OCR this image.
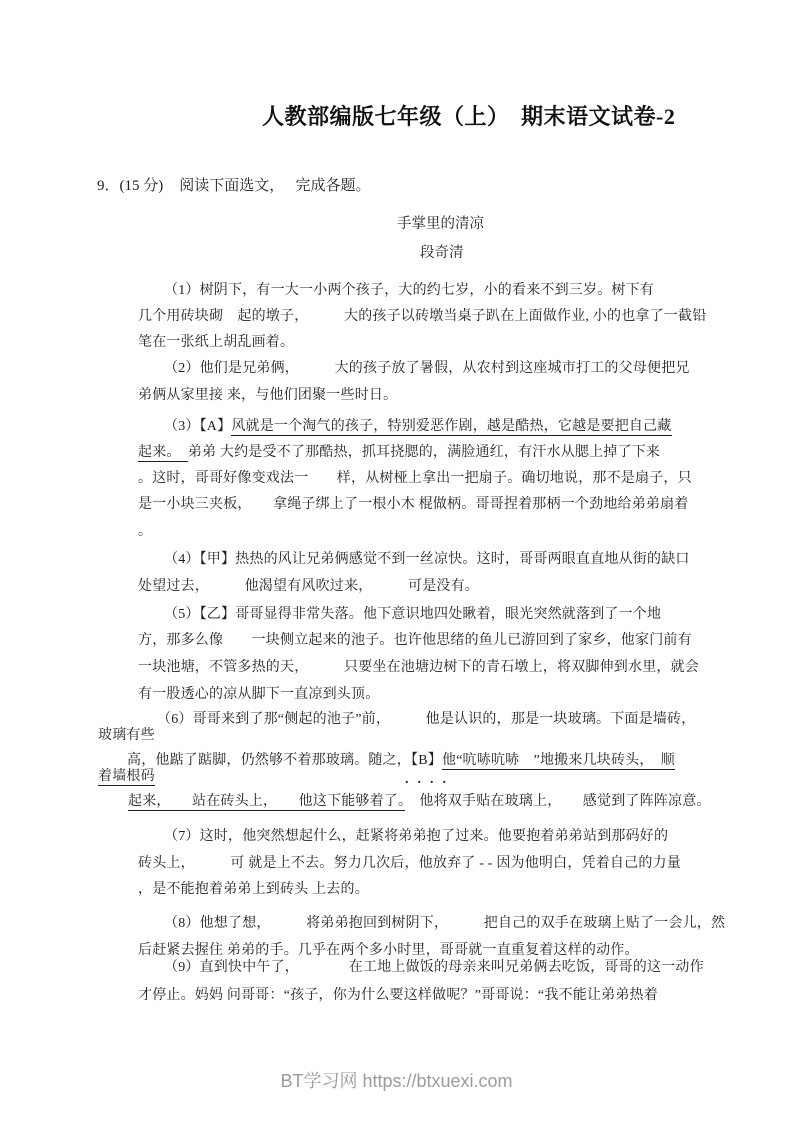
人教部编版七年级（上）　期末语文试卷-2
9．(15 分) 阅读下面选文，　 完成各题。
手掌里的清凉
段奇清
（1）树阴下，有一大一小两个孩子，大的约七岁，小的看来不到三岁。树下有
几个用砖块砌　起的墩子，　　　大的孩子以砖墩当桌子趴在上面做作业, 小的也拿了一截铅
笔在一张纸上胡乱画着。
（2）他们是兄弟俩，　　　大的孩子放了暑假，从农村到这座城市打工的父母便把兄
弟俩从家里接 来，与他们团聚一些时日。
（3）【A】风就是一个淘气的孩子，特别爱恶作剧，越是酷热，它越是要把自己藏
起来。　弟弟 大约是受不了那酷热，抓耳挠腮的，满脸通红，有汗水从腮上掉了下来
。这时，哥哥好像变戏法一　　样，从树桠上拿出一把扇子。确切地说，那不是扇子，只
是一小块三夹板，　　拿绳子绑上了一根小木 棍做柄。哥哥捏着那柄一个劲地给弟弟扇着
。
（4）【甲】热热的风让兄弟俩感觉不到一丝凉快。这时，哥哥两眼直直地从街的缺口
处望过去，　　　他渴望有风吹过来，　　　可是没有。
（5）【乙】哥哥显得非常失落。他下意识地四处瞅着，眼光突然就落到了一个地
方，那多么像　　一块侧立起来的池子。也许他思绪的鱼儿已游回到了家乡，他家门前有
一块池塘，不管多热的天，　　　只要坐在池塘边树下的青石墩上，将双脚伸到水里，就会
有一股透心的凉从脚下一直凉到头顶。
（6）哥哥来到了那“侧起的池子”前，　　　他是认识的，那是一块玻璃。下面是墙砖，
玻璃有些
高，他踮了踮脚，仍然够不着那玻璃。随之，【B】他“吭哧吭哧　”地搬来几块砖头，　顺
着墙根码	....
起来，　　站在砖头上，　　他这下能够着了。　他将双手贴在玻璃上，　　感觉到了阵阵凉意。
（7）这时，他突然想起什么，赶紧将弟弟抱了过来。他要抱着弟弟站到那码好的
砖头上，　　　可 就是上不去。努力几次后，他放弃了 - - 因为他明白，凭着自己的力量
，是不能抱着弟弟上到砖头 上去的。
（8）他想了想，　　　将弟弟抱回到树阴下，　　　把自己的双手在玻璃上贴了一会儿，然
后赶紧去握住 弟弟的手。几乎在两个多小时里，哥哥就一直重复着这样的动作。
（9）直到快中午了，　　　　在工地上做饭的母亲来叫兄弟俩去吃饭，哥哥的这一动作
才停止。妈妈 问哥哥：“孩子，你为什么要这样做呢？”哥哥说：“我不能让弟弟热着
BT学习网 https://btxuexi.com
